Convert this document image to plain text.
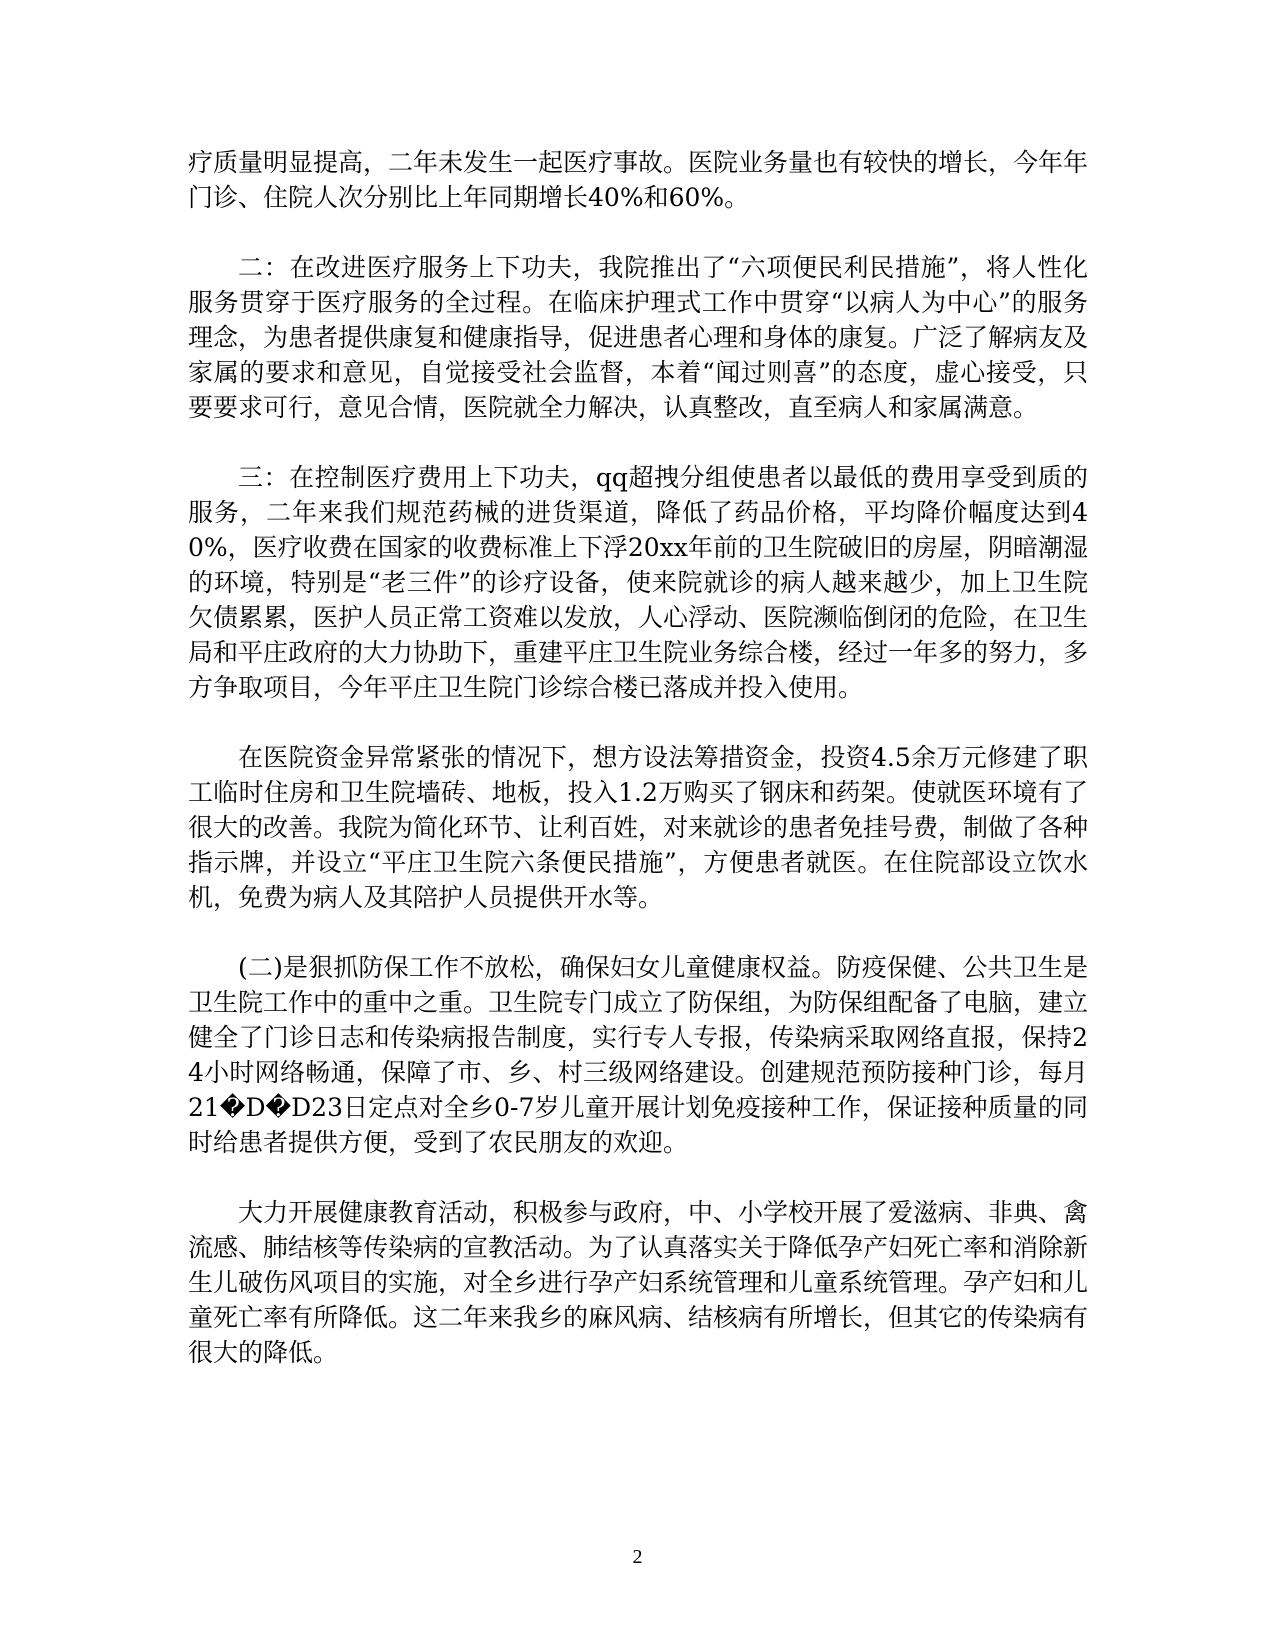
疗质量明显提高，二年未发生一起医疗事故。医院业务量也有较快的增长，今年年门诊、住院人次分别比上年同期增长40%和60%。

二：在改进医疗服务上下功夫，我院推出了“六项便民利民措施”，将人性化服务贯穿于医疗服务的全过程。在临床护理式工作中贯穿“以病人为中心”的服务理念，为患者提供康复和健康指导，促进患者心理和身体的康复。广泛了解病友及家属的要求和意见，自觉接受社会监督，本着“闻过则喜”的态度，虚心接受，只要要求可行，意见合情，医院就全力解决，认真整改，直至病人和家属满意。

三：在控制医疗费用上下功夫，qq超拽分组使患者以最低的费用享受到质的服务，二年来我们规范药械的进货渠道，降低了药品价格，平均降价幅度达到40%，医疗收费在国家的收费标准上下浮20xx年前的卫生院破旧的房屋，阴暗潮湿的环境，特别是“老三件”的诊疗设备，使来院就诊的病人越来越少，加上卫生院欠债累累，医护人员正常工资难以发放，人心浮动、医院濒临倒闭的危险，在卫生局和平庄政府的大力协助下，重建平庄卫生院业务综合楼，经过一年多的努力，多方争取项目，今年平庄卫生院门诊综合楼已落成并投入使用。

在医院资金异常紧张的情况下，想方设法筹措资金，投资4.5余万元修建了职工临时住房和卫生院墙砖、地板，投入1.2万购买了钢床和药架。使就医环境有了很大的改善。我院为简化环节、让利百姓，对来就诊的患者免挂号费，制做了各种指示牌，并设立“平庄卫生院六条便民措施”，方便患者就医。在住院部设立饮水机，免费为病人及其陪护人员提供开水等。

(二)是狠抓防保工作不放松，确保妇女儿童健康权益。防疫保健、公共卫生是卫生院工作中的重中之重。卫生院专门成立了防保组，为防保组配备了电脑，建立健全了门诊日志和传染病报告制度，实行专人专报，传染病采取网络直报，保持24小时网络畅通，保障了市、乡、村三级网络建设。创建规范预防接种门诊，每月21�D�D23日定点对全乡0-7岁儿童开展计划免疫接种工作，保证接种质量的同时给患者提供方便，受到了农民朋友的欢迎。

大力开展健康教育活动，积极参与政府，中、小学校开展了爱滋病、非典、禽流感、肺结核等传染病的宣教活动。为了认真落实关于降低孕产妇死亡率和消除新生儿破伤风项目的实施，对全乡进行孕产妇系统管理和儿童系统管理。孕产妇和儿童死亡率有所降低。这二年来我乡的麻风病、结核病有所增长，但其它的传染病有很大的降低。

2
